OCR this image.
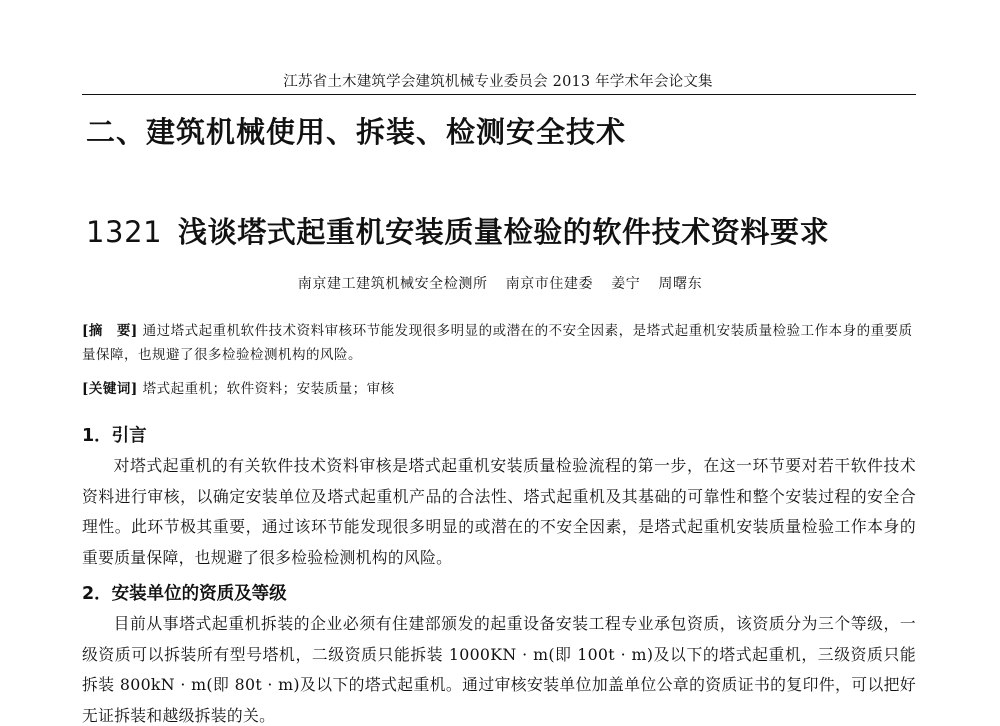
江苏省土木建筑学会建筑机械专业委员会 2013 年学术年会论文集
二、建筑机械使用、拆装、检测安全技术
1321 浅谈塔式起重机安装质量检验的软件技术资料要求
南京建工建筑机械安全检测所 南京市住建委 姜宁 周曙东

[摘　要] 通过塔式起重机软件技术资料审核环节能发现很多明显的或潜在的不安全因素，是塔式起重机安装质量检验工作本身的重要质量保障，也规避了很多检验检测机构的风险。

[关键词] 塔式起重机；软件资料；安装质量；审核
1．引言

对塔式起重机的有关软件技术资料审核是塔式起重机安装质量检验流程的第一步，在这一环节要对若干软件技术资料进行审核，以确定安装单位及塔式起重机产品的合法性、塔式起重机及其基础的可靠性和整个安装过程的安全合理性。此环节极其重要，通过该环节能发现很多明显的或潜在的不安全因素，是塔式起重机安装质量检验工作本身的重要质量保障，也规避了很多检验检测机构的风险。

2．安装单位的资质及等级

目前从事塔式起重机拆装的企业必须有住建部颁发的起重设备安装工程专业承包资质，该资质分为三个等级，一级资质可以拆装所有型号塔机，二级资质只能拆装 1000KN · m(即 100t · m)及以下的塔式起重机，三级资质只能拆装 800kN · m(即 80t · m)及以下的塔式起重机。通过审核安装单位加盖单位公章的资质证书的复印件，可以把好无证拆装和越级拆装的关。
